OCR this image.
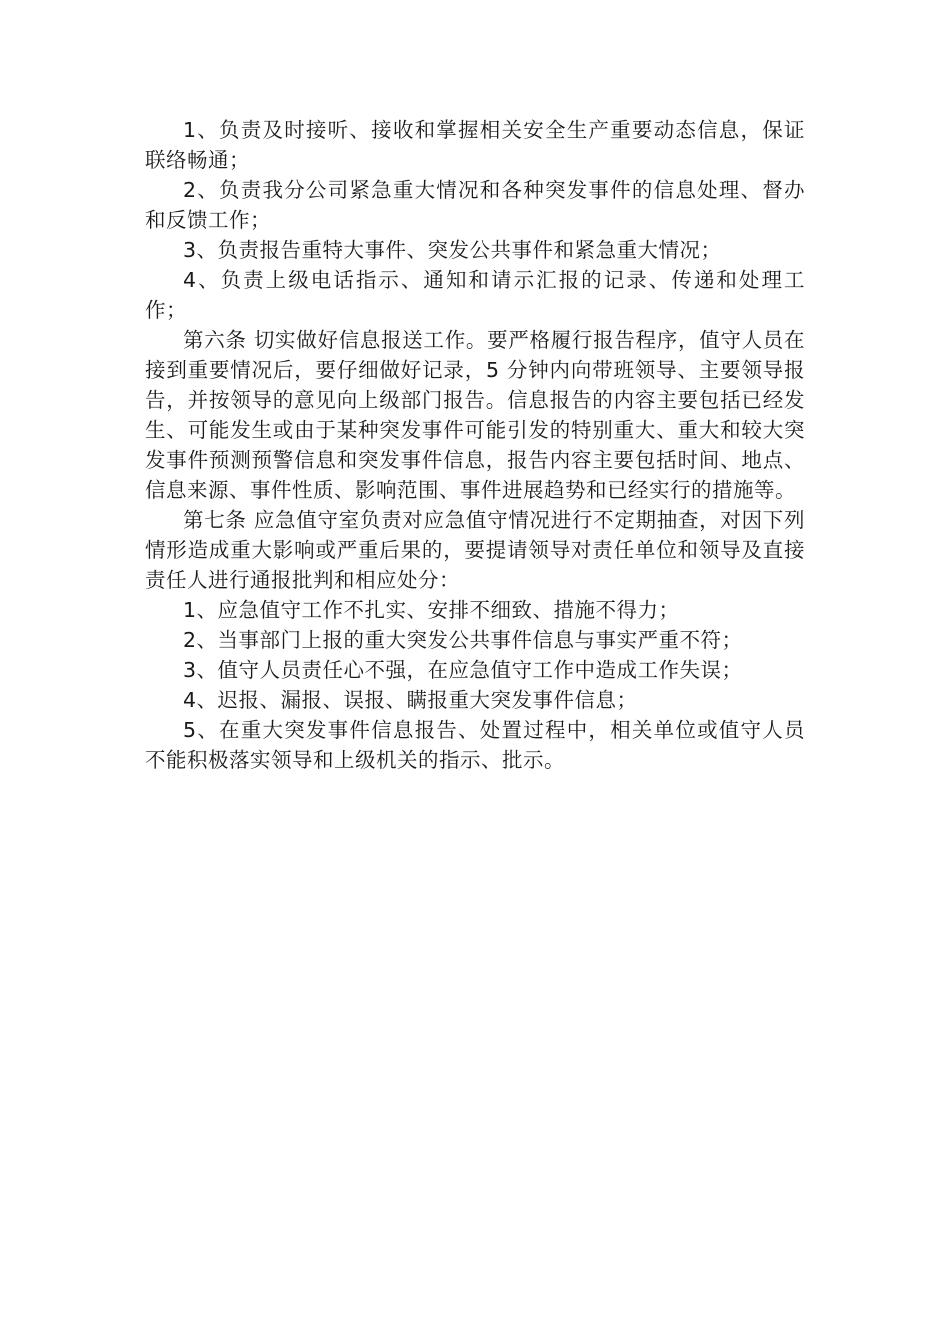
1、负责及时接听、接收和掌握相关安全生产重要动态信息，保证联络畅通；

2、负责我分公司紧急重大情况和各种突发事件的信息处理、督办和反馈工作；

3、负责报告重特大事件、突发公共事件和紧急重大情况；

4、负责上级电话指示、通知和请示汇报的记录、传递和处理工作；

第六条 切实做好信息报送工作。要严格履行报告程序，值守人员在接到重要情况后，要仔细做好记录，5 分钟内向带班领导、主要领导报告，并按领导的意见向上级部门报告。信息报告的内容主要包括已经发生、可能发生或由于某种突发事件可能引发的特别重大、重大和较大突发事件预测预警信息和突发事件信息，报告内容主要包括时间、地点、信息来源、事件性质、影响范围、事件进展趋势和已经实行的措施等。

第七条 应急值守室负责对应急值守情况进行不定期抽查，对因下列情形造成重大影响或严重后果的，要提请领导对责任单位和领导及直接责任人进行通报批判和相应处分：

1、应急值守工作不扎实、安排不细致、措施不得力；

2、当事部门上报的重大突发公共事件信息与事实严重不符；

3、值守人员责任心不强，在应急值守工作中造成工作失误；

4、迟报、漏报、误报、瞒报重大突发事件信息；

5、在重大突发事件信息报告、处置过程中，相关单位或值守人员不能积极落实领导和上级机关的指示、批示。
